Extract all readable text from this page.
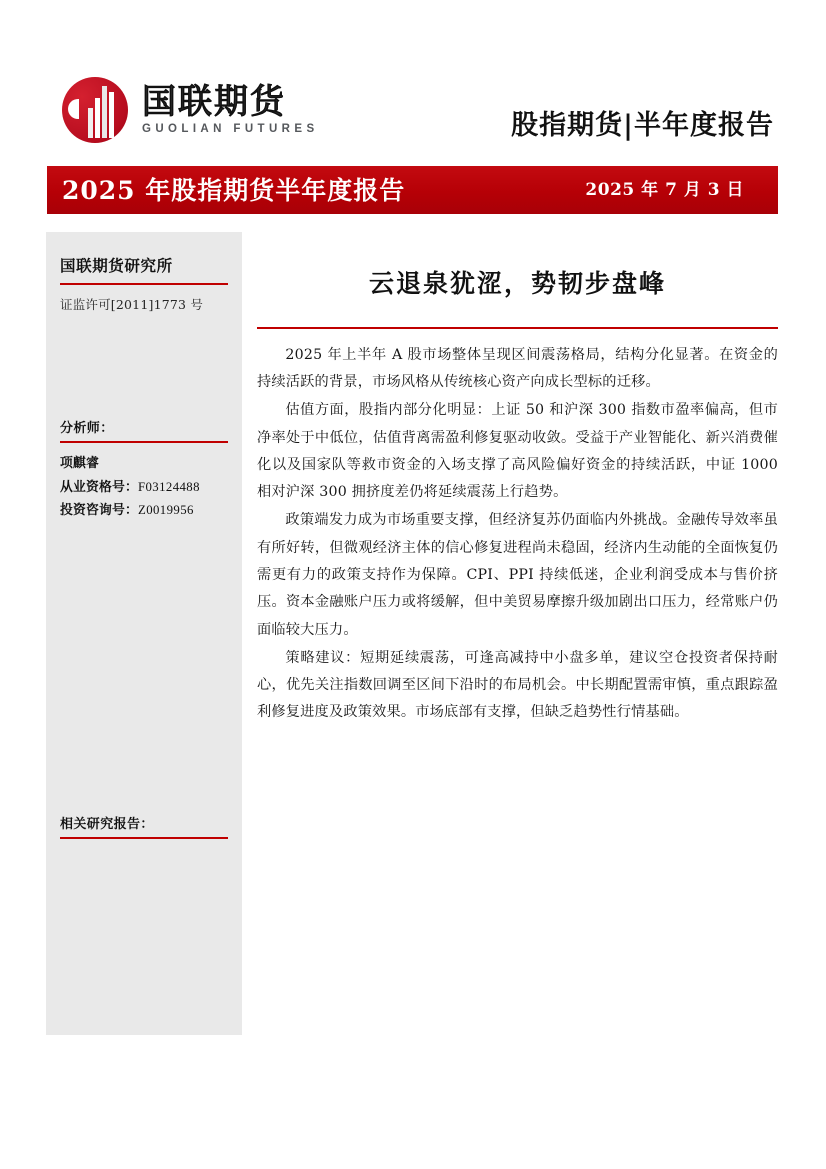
国联期货
GUOLIAN FUTURES	股指期货|半年度报告
2025 年股指期货半年度报告	2025 年 7 月 3 日
国联期货研究所
证监许可[2011]1773 号
分析师：
项麒睿
从业资格号：F03124488
投资咨询号：Z0019956
相关研究报告：
云退泉犹涩，势韧步盘峰

2025 年上半年 A 股市场整体呈现区间震荡格局，结构分化显著。在资金的持续活跃的背景，市场风格从传统核心资产向成长型标的迁移。

估值方面，股指内部分化明显：上证 50 和沪深 300 指数市盈率偏高，但市净率处于中低位，估值背离需盈利修复驱动收敛。受益于产业智能化、新兴消费催化以及国家队等救市资金的入场支撑了高风险偏好资金的持续活跃，中证 1000 相对沪深 300 拥挤度差仍将延续震荡上行趋势。

政策端发力成为市场重要支撑，但经济复苏仍面临内外挑战。金融传导效率虽有所好转，但微观经济主体的信心修复进程尚未稳固，经济内生动能的全面恢复仍需更有力的政策支持作为保障。CPI、PPI 持续低迷，企业利润受成本与售价挤压。资本金融账户压力或将缓解，但中美贸易摩擦升级加剧出口压力，经常账户仍面临较大压力。

策略建议：短期延续震荡，可逢高减持中小盘多单，建议空仓投资者保持耐心，优先关注指数回调至区间下沿时的布局机会。中长期配置需审慎，重点跟踪盈利修复进度及政策效果。市场底部有支撑，但缺乏趋势性行情基础。
